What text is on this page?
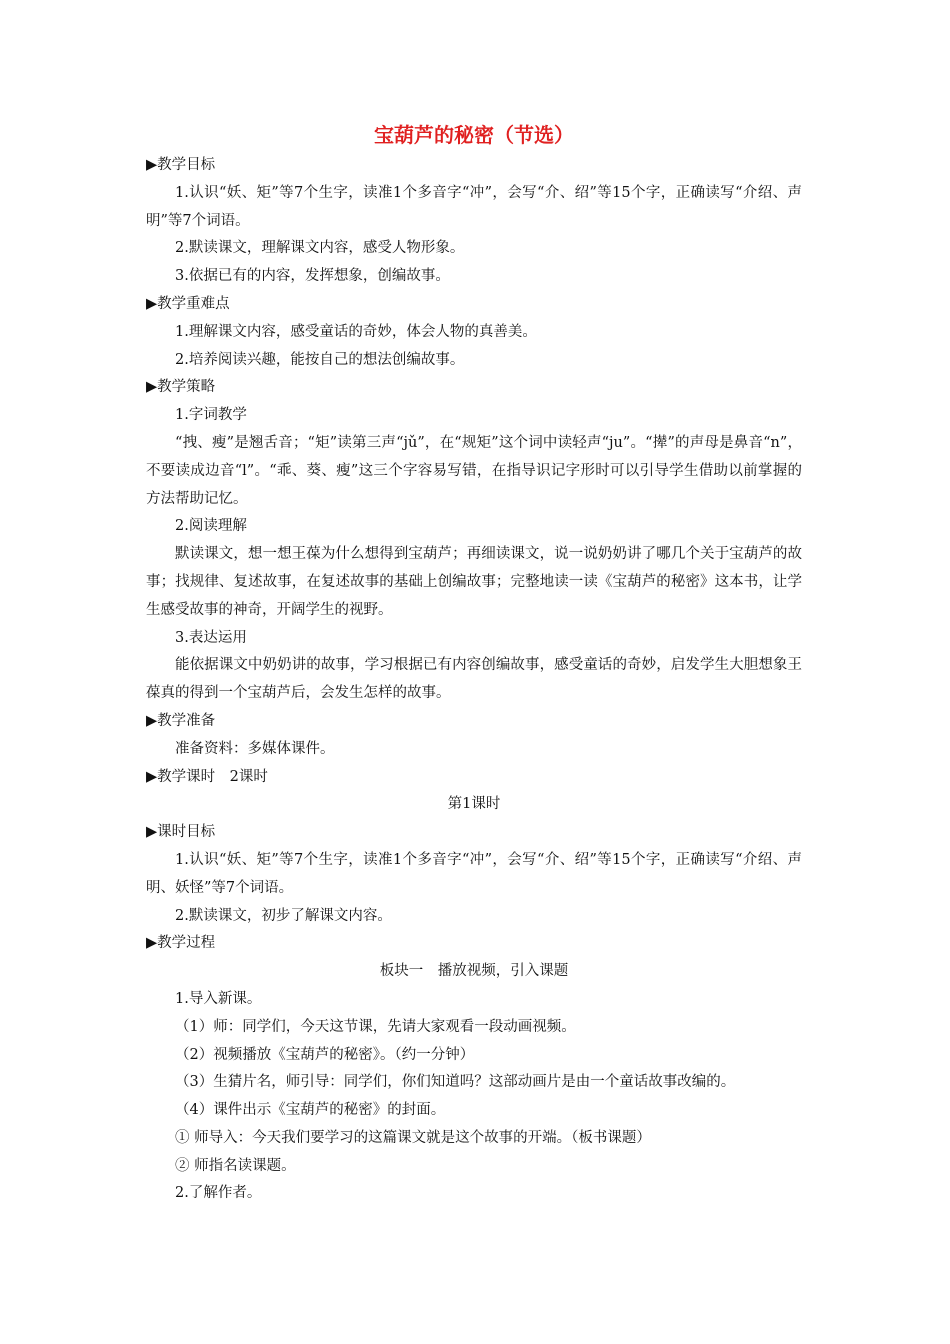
宝葫芦的秘密（节选）
▶教学目标
1.认识“妖、矩”等7个生字，读准1个多音字“冲”，会写“介、绍”等15个字，正确读写“介绍、声明”等7个词语。
2.默读课文，理解课文内容，感受人物形象。
3.依据已有的内容，发挥想象，创编故事。
▶教学重难点
1.理解课文内容，感受童话的奇妙，体会人物的真善美。
2.培养阅读兴趣，能按自己的想法创编故事。
▶教学策略
1.字词教学
“拽、瘦”是翘舌音；“矩”读第三声“jǔ”，在“规矩”这个词中读轻声“ju”。“撵”的声母是鼻音“n”，不要读成边音“l”。“乖、葵、瘦”这三个字容易写错，在指导识记字形时可以引导学生借助以前掌握的方法帮助记忆。
2.阅读理解
默读课文，想一想王葆为什么想得到宝葫芦；再细读课文，说一说奶奶讲了哪几个关于宝葫芦的故事；找规律、复述故事，在复述故事的基础上创编故事；完整地读一读《宝葫芦的秘密》这本书，让学生感受故事的神奇，开阔学生的视野。
3.表达运用
能依据课文中奶奶讲的故事，学习根据已有内容创编故事，感受童话的奇妙，启发学生大胆想象王葆真的得到一个宝葫芦后，会发生怎样的故事。
▶教学准备
准备资料：多媒体课件。
▶教学课时　2课时
第1课时
▶课时目标
1.认识“妖、矩”等7个生字，读准1个多音字“冲”，会写“介、绍”等15个字，正确读写“介绍、声明、妖怪”等7个词语。
2.默读课文，初步了解课文内容。
▶教学过程
板块一　播放视频，引入课题
1.导入新课。
（1）师：同学们，今天这节课，先请大家观看一段动画视频。
（2）视频播放《宝葫芦的秘密》。（约一分钟）
（3）生猜片名，师引导：同学们，你们知道吗？这部动画片是由一个童话故事改编的。
（4）课件出示《宝葫芦的秘密》的封面。
① 师导入：今天我们要学习的这篇课文就是这个故事的开端。（板书课题）
② 师指名读课题。
2.了解作者。
